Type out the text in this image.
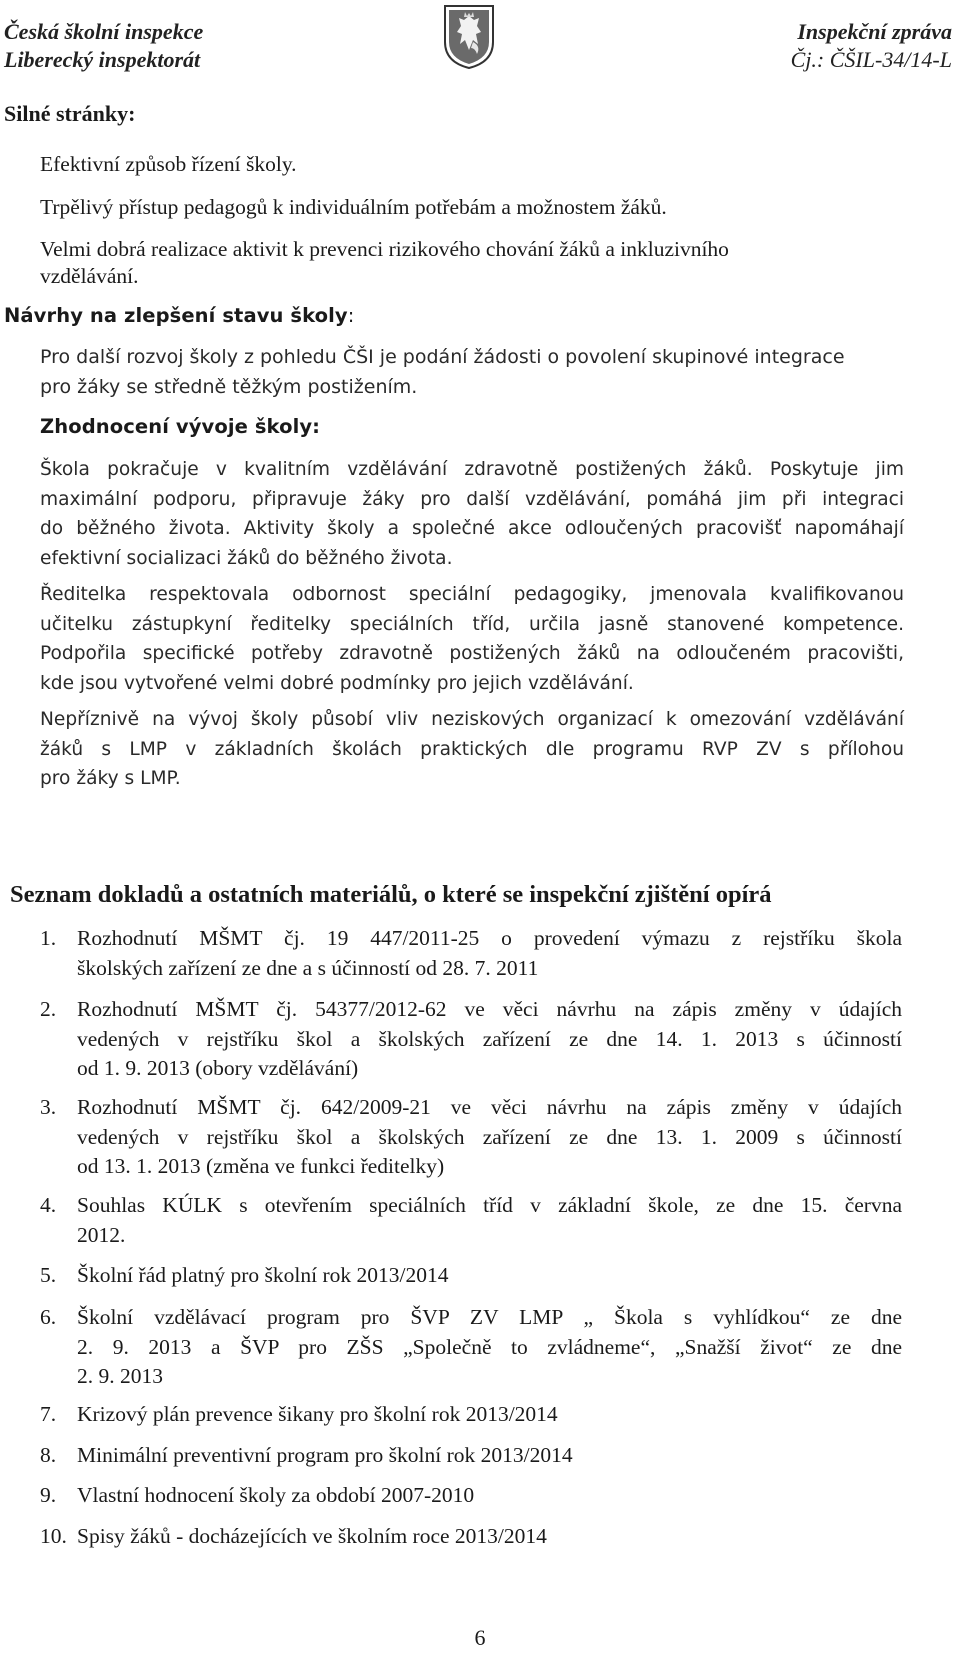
Česká školní inspekce
Liberecký inspektorát
Inspekční zpráva
Čj.: ČŠIL-34/14-L
Silné stránky:
Efektivní způsob řízení školy.
Trpělivý přístup pedagogů k individuálním potřebám a možnostem žáků.
Velmi dobrá realizace aktivit k prevenci rizikového chování žáků a inkluzivního
vzdělávání.
Návrhy na zlepšení stavu školy:
Pro další rozvoj školy z pohledu ČŠI je podání žádosti o povolení skupinové integrace
pro žáky se středně těžkým postižením.
Zhodnocení vývoje školy:
Škola pokračuje v kvalitním vzdělávání zdravotně postižených žáků. Poskytuje jim
maximální podporu, připravuje žáky pro další vzdělávání, pomáhá jim při integraci
do běžného života. Aktivity školy a společné akce odloučených pracovišť napomáhají
efektivní socializaci žáků do běžného života.
Ředitelka respektovala odbornost speciální pedagogiky, jmenovala kvalifikovanou
učitelku zástupkyní ředitelky speciálních tříd, určila jasně stanovené kompetence.
Podpořila specifické potřeby zdravotně postižených žáků na odloučeném pracovišti,
kde jsou vytvořené velmi dobré podmínky pro jejich vzdělávání.
Nepříznivě na vývoj školy působí vliv neziskových organizací k omezování vzdělávání
žáků s LMP v základních školách praktických dle programu RVP ZV s přílohou
pro žáky s LMP.
Seznam dokladů a ostatních materiálů, o které se inspekční zjištění opírá
1. Rozhodnutí MŠMT čj. 19 447/2011-25 o provedení výmazu z rejstříku škola
školských zařízení ze dne a s účinností od 28. 7. 2011
2. Rozhodnutí MŠMT čj. 54377/2012-62 ve věci návrhu na zápis změny v údajích
vedených v rejstříku škol a školských zařízení ze dne 14. 1. 2013 s účinností
od 1. 9. 2013 (obory vzdělávání)
3. Rozhodnutí MŠMT čj. 642/2009-21 ve věci návrhu na zápis změny v údajích
vedených v rejstříku škol a školských zařízení ze dne 13. 1. 2009 s účinností
od 13. 1. 2013 (změna ve funkci ředitelky)
4. Souhlas KÚLK s otevřením speciálních tříd v základní škole, ze dne 15. června
2012.
5. Školní řád platný pro školní rok 2013/2014
6. Školní vzdělávací program pro ŠVP ZV LMP „ Škola s vyhlídkou“ ze dne
2. 9. 2013 a ŠVP pro ZŠS „Společně to zvládneme“, „Snažší život“ ze dne
2. 9. 2013
7. Krizový plán prevence šikany pro školní rok 2013/2014
8. Minimální preventivní program pro školní rok 2013/2014
9. Vlastní hodnocení školy za období 2007-2010
10. Spisy žáků - docházejících ve školním roce 2013/2014
6
